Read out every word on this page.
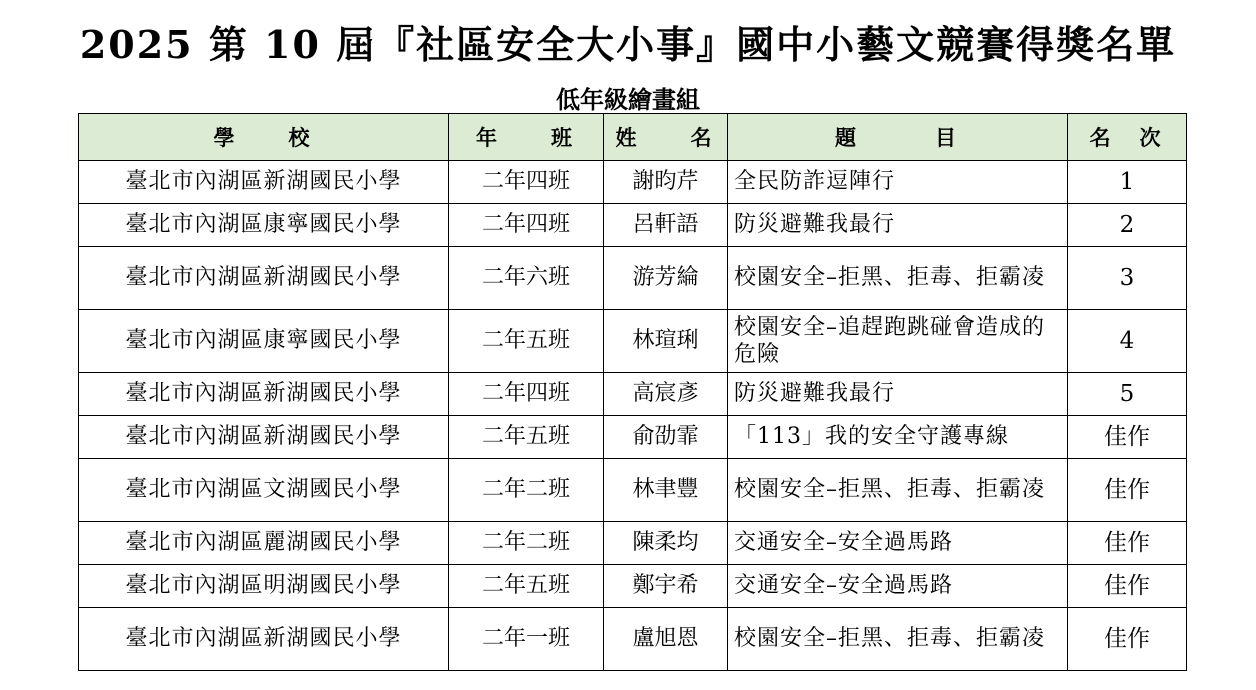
2025 第 10 屆『社區安全大小事』國中小藝文競賽得獎名單
低年級繪畫組
學　　校	年　　班	姓　　名	題　　　目	名　次
臺北市內湖區新湖國民小學	二年四班	謝昀芹	全民防詐逗陣行	1
臺北市內湖區康寧國民小學	二年四班	呂軒語	防災避難我最行	2
臺北市內湖區新湖國民小學	二年六班	游芳綸	校園安全–拒黑、拒毒、拒霸凌	3
臺北市內湖區康寧國民小學	二年五班	林瑄琍	校園安全–追趕跑跳碰會造成的危險	4
臺北市內湖區新湖國民小學	二年四班	高宸彥	防災避難我最行	5
臺北市內湖區新湖國民小學	二年五班	俞劭霏	「113」我的安全守護專線	佳作
臺北市內湖區文湖國民小學	二年二班	林聿豐	校園安全–拒黑、拒毒、拒霸凌	佳作
臺北市內湖區麗湖國民小學	二年二班	陳柔均	交通安全–安全過馬路	佳作
臺北市內湖區明湖國民小學	二年五班	鄭宇希	交通安全–安全過馬路	佳作
臺北市內湖區新湖國民小學	二年一班	盧旭恩	校園安全–拒黑、拒毒、拒霸凌	佳作
